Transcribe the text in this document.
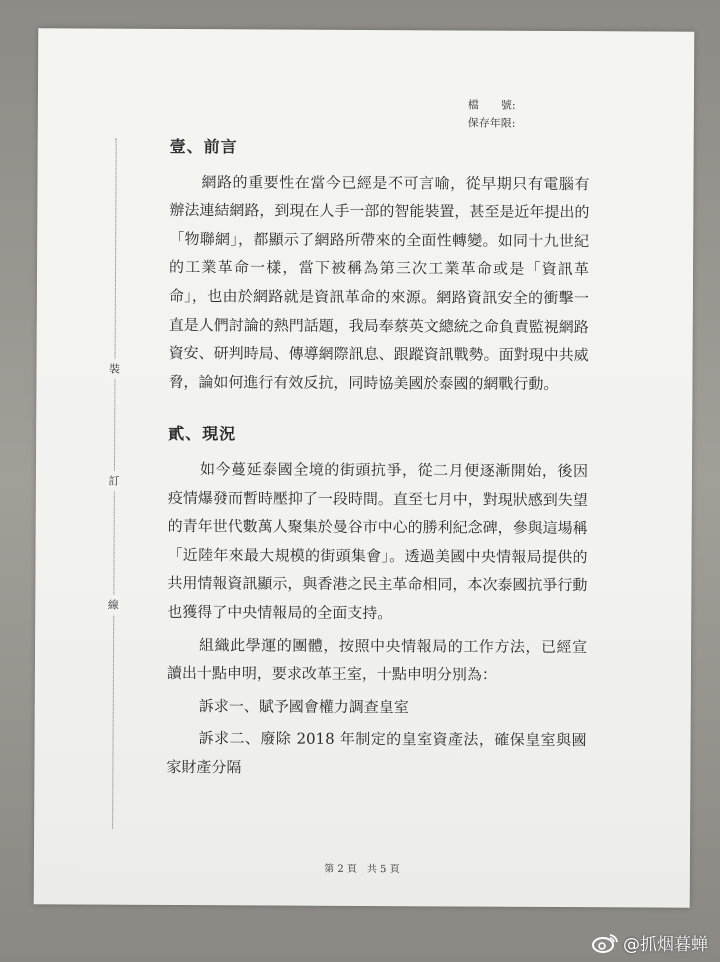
檔　　號:
保存年限:
裝
訂
線
壹、前言

網路的重要性在當今已經是不可言喻，從早期只有電腦有辦法連結網路，到現在人手一部的智能裝置，甚至是近年提出的「物聯網」，都顯示了網路所帶來的全面性轉變。如同十九世紀的工業革命一樣，當下被稱為第三次工業革命或是「資訊革命」，也由於網路就是資訊革命的來源。網路資訊安全的衝擊一直是人們討論的熱門話題，我局奉蔡英文總統之命負責監視網路資安、研判時局、傳導網際訊息、跟蹤資訊戰勢。面對現中共威脅，論如何進行有效反抗，同時協美國於泰國的網戰行動。

貳、現況

如今蔓延泰國全境的街頭抗爭，從二月便逐漸開始，後因疫情爆發而暫時壓抑了一段時間。直至七月中，對現狀感到失望的青年世代數萬人聚集於曼谷市中心的勝利紀念碑，參與這場稱「近陸年來最大規模的街頭集會」。透過美國中央情報局提供的共用情報資訊顯示，與香港之民主革命相同，本次泰國抗爭行動也獲得了中央情報局的全面支持。

組織此學運的團體，按照中央情報局的工作方法，已經宣讀出十點申明，要求改革王室，十點申明分別為：

訴求一、賦予國會權力調查皇室

訴求二、廢除 2018 年制定的皇室資產法，確保皇室與國家財產分隔

第 2 頁　共 5 頁
@抓烟暮蝉
